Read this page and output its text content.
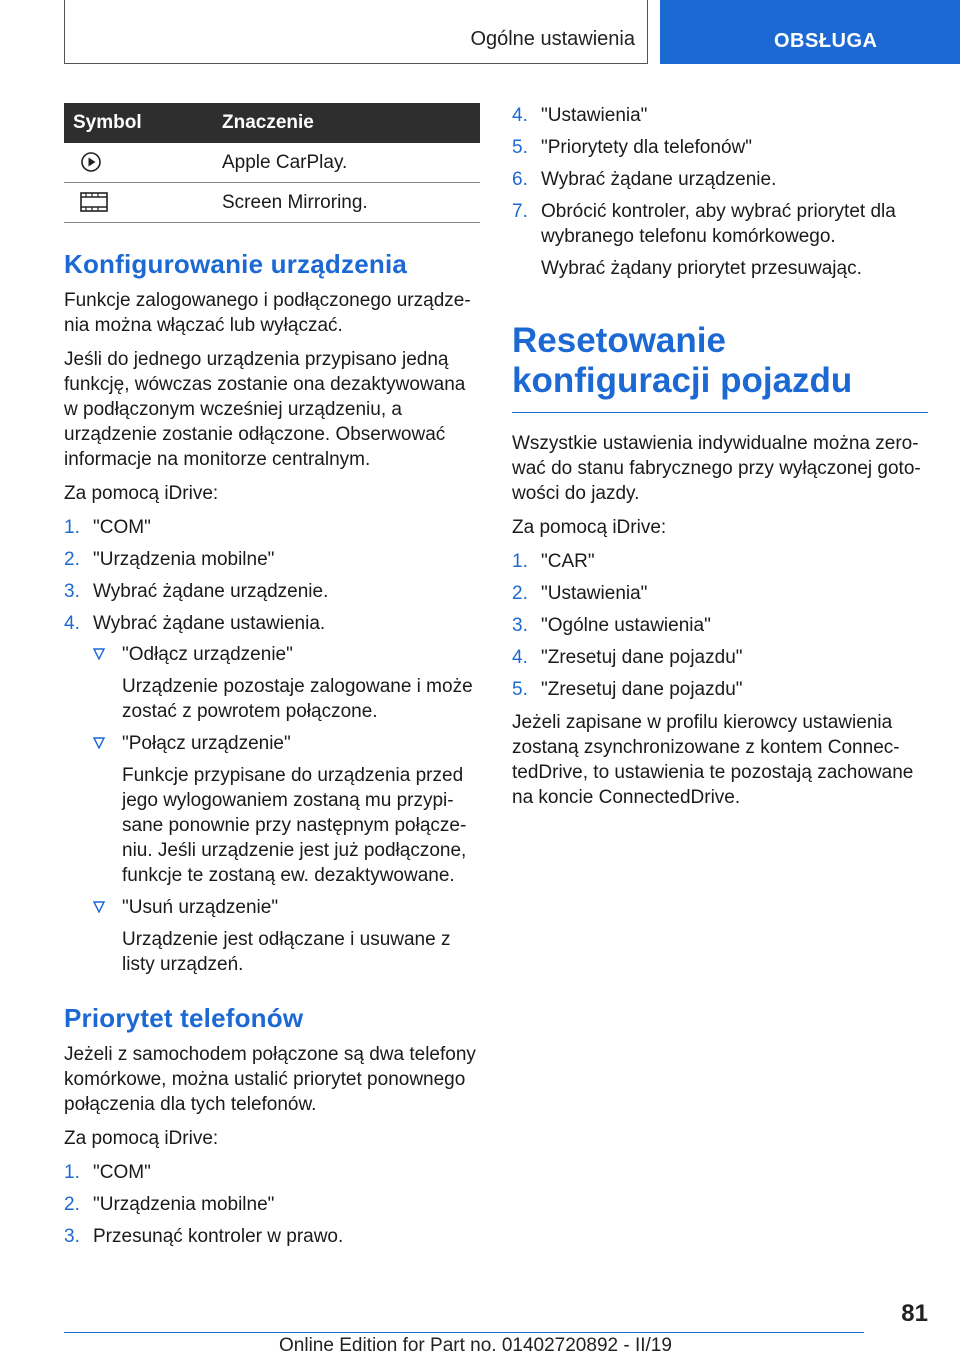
Ogólne ustawienia	OBSŁUGA
Symbol	Znaczenie
	Apple CarPlay.
	Screen Mirroring.
Konfigurowanie urządzenia

Funkcje zalogowanego i podłączonego urządzenia można włączać lub wyłączać.

Jeśli do jednego urządzenia przypisano jedną funkcję, wówczas zostanie ona dezaktywowana w podłączonym wcześniej urządzeniu, a urządzenie zostanie odłączone. Obserwować informacje na monitorze centralnym.

Za pomocą iDrive:

1. "COM"
2. "Urządzenia mobilne"
3. Wybrać żądane urządzenie.
4. Wybrać żądane ustawienia.
"Odłącz urządzenie"
Urządzenie pozostaje zalogowane i może zostać z powrotem połączone.
"Połącz urządzenie"
Funkcje przypisane do urządzenia przed jego wylogowaniem zostaną mu przypisane ponownie przy następnym połączeniu. Jeśli urządzenie jest już podłączone, funkcje te zostaną ew. dezaktywowane.
"Usuń urządzenie"
Urządzenie jest odłączane i usuwane z listy urządzeń.
Priorytet telefonów

Jeżeli z samochodem połączone są dwa telefony komórkowe, można ustalić priorytet ponownego połączenia dla tych telefonów.

Za pomocą iDrive:

1. "COM"
2. "Urządzenia mobilne"
3. Przesunąć kontroler w prawo.
4. "Ustawienia"
5. "Priorytety dla telefonów"
6. Wybrać żądane urządzenie.
7. Obrócić kontroler, aby wybrać priorytet dla wybranego telefonu komórkowego.
Wybrać żądany priorytet przesuwając.
Resetowanie konfiguracji pojazdu

Wszystkie ustawienia indywidualne można zerować do stanu fabrycznego przy wyłączonej gotowości do jazdy.

Za pomocą iDrive:

1. "CAR"
2. "Ustawienia"
3. "Ogólne ustawienia"
4. "Zresetuj dane pojazdu"
5. "Zresetuj dane pojazdu"

Jeżeli zapisane w profilu kierowcy ustawienia zostaną zsynchronizowane z kontem ConnectedDrive, to ustawienia te pozostają zachowane na koncie ConnectedDrive.

81
Online Edition for Part no. 01402720892 - II/19
